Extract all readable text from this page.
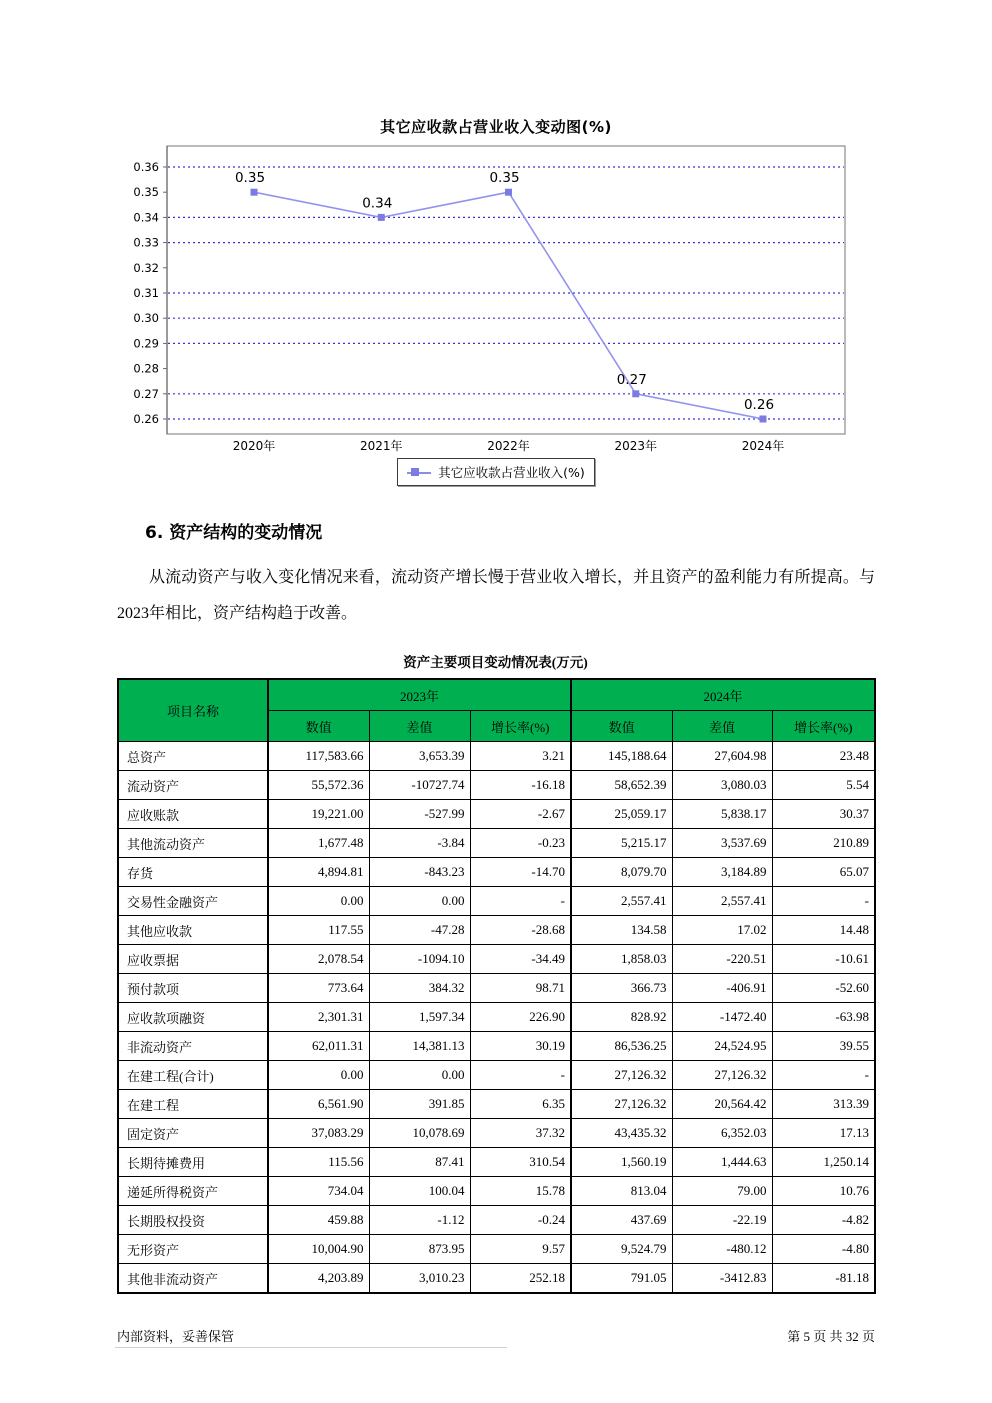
其它应收款占营业收入变动图(%)
0.26
0.27
0.28
0.29
0.30
0.31
0.32
0.33
0.34
0.35
0.36
0.35
2020年
0.34
2021年
0.35
2022年
0.27
2023年
0.26
2024年
其它应收款占营业收入(%)
6. 资产结构的变动情况

从流动资产与收入变化情况来看，流动资产增长慢于营业收入增长，并且资产的盈利能力有所提高。与2023年相比，资产结构趋于改善。

资产主要项目变动情况表(万元)
项目名称	2023年			2024年		
	数值	差值	增长率(%)	数值	差值	增长率(%)
总资产	117,583.66	3,653.39	3.21	145,188.64	27,604.98	23.48
流动资产	55,572.36	-10727.74	-16.18	58,652.39	3,080.03	5.54
应收账款	19,221.00	-527.99	-2.67	25,059.17	5,838.17	30.37
其他流动资产	1,677.48	-3.84	-0.23	5,215.17	3,537.69	210.89
存货	4,894.81	-843.23	-14.70	8,079.70	3,184.89	65.07
交易性金融资产	0.00	0.00	-	2,557.41	2,557.41	-
其他应收款	117.55	-47.28	-28.68	134.58	17.02	14.48
应收票据	2,078.54	-1094.10	-34.49	1,858.03	-220.51	-10.61
预付款项	773.64	384.32	98.71	366.73	-406.91	-52.60
应收款项融资	2,301.31	1,597.34	226.90	828.92	-1472.40	-63.98
非流动资产	62,011.31	14,381.13	30.19	86,536.25	24,524.95	39.55
在建工程(合计)	0.00	0.00	-	27,126.32	27,126.32	-
在建工程	6,561.90	391.85	6.35	27,126.32	20,564.42	313.39
固定资产	37,083.29	10,078.69	37.32	43,435.32	6,352.03	17.13
长期待摊费用	115.56	87.41	310.54	1,560.19	1,444.63	1,250.14
递延所得税资产	734.04	100.04	15.78	813.04	79.00	10.76
长期股权投资	459.88	-1.12	-0.24	437.69	-22.19	-4.82
无形资产	10,004.90	873.95	9.57	9,524.79	-480.12	-4.80
其他非流动资产	4,203.89	3,010.23	252.18	791.05	-3412.83	-81.18
内部资料，妥善保管	第 5 页 共 32 页
